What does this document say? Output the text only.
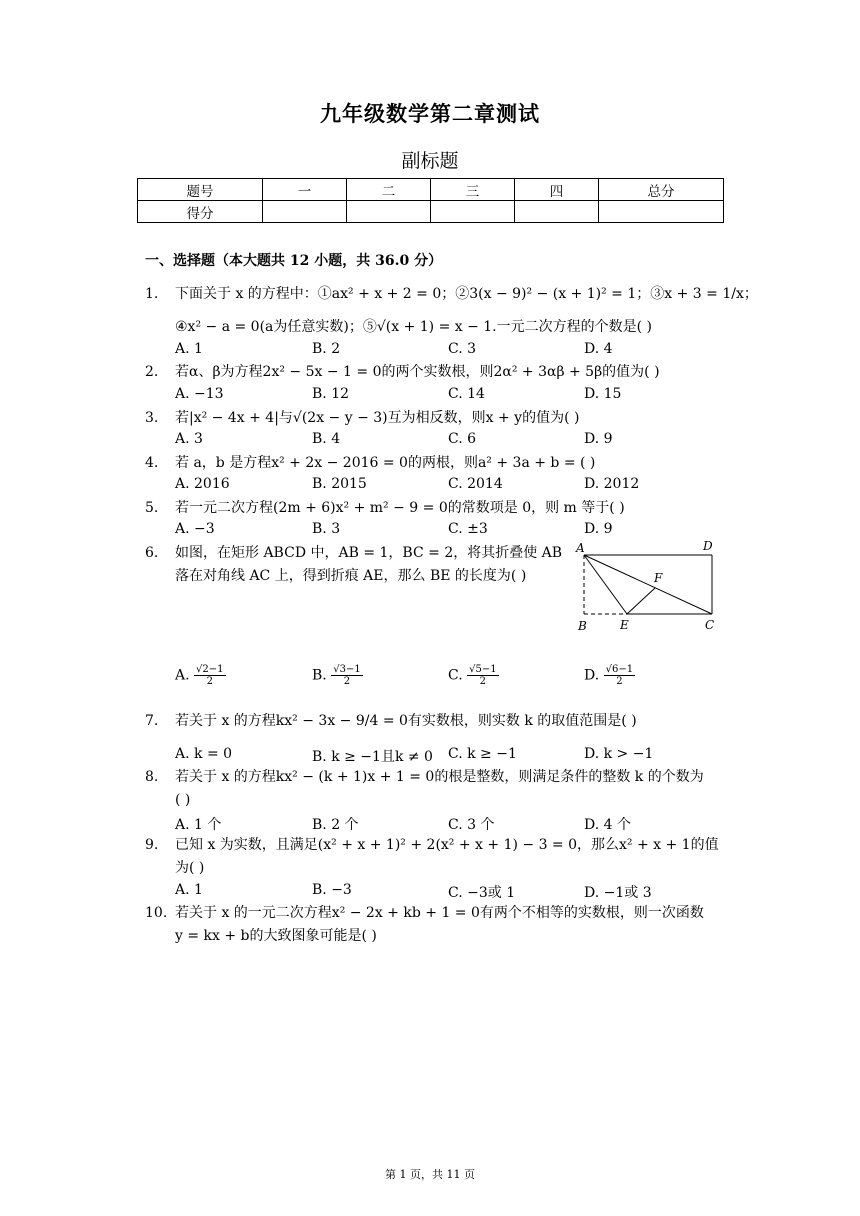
九年级数学第二章测试
副标题
题号	一	二	三	四	总分
得分					
一、选择题（本大题共 12 小题，共 36.0 分）
1. 下面关于 x 的方程中：①ax² + x + 2 = 0；②3(x − 9)² − (x + 1)² = 1；③x + 3 = 1/x；
④x² − a = 0(a为任意实数)；⑤√(x + 1) = x − 1.一元二次方程的个数是( )
A. 1	B. 2	C. 3	D. 4
2. 若α、β为方程2x² − 5x − 1 = 0的两个实数根，则2α² + 3αβ + 5β的值为( )
A. −13	B. 12	C. 14	D. 15
3. 若|x² − 4x + 4|与√(2x − y − 3)互为相反数，则x + y的值为( )
A. 3	B. 4	C. 6	D. 9
4. 若 a，b 是方程x² + 2x − 2016 = 0的两根，则a² + 3a + b = ( )
A. 2016	B. 2015	C. 2014	D. 2012
5. 若一元二次方程(2m + 6)x² + m² − 9 = 0的常数项是 0，则 m 等于( )
A. −3	B. 3	C. ±3	D. 9
6. 如图，在矩形 ABCD 中，AB = 1，BC = 2，将其折叠使 AB
落在对角线 AC 上，得到折痕 AE，那么 BE 的长度为( )
A	D
F
B	E	C
A. $\frac{√2-1}{2}$	B. $\frac{√3-1}{2}$	C. $\frac{√5-1}{2}$	D. $\frac{√6-1}{2}$
7. 若关于 x 的方程kx² − 3x − 9/4 = 0有实数根，则实数 k 的取值范围是( )
A. k = 0	B. k ≥ −1且k ≠ 0 C. k ≥ −1	D. k > −1
8. 若关于 x 的方程kx² − (k + 1)x + 1 = 0的根是整数，则满足条件的整数 k 的个数为
( )
A. 1 个	B. 2 个	C. 3 个	D. 4 个
9. 已知 x 为实数，且满足(x² + x + 1)² + 2(x² + x + 1) − 3 = 0，那么x² + x + 1的值
为( )
A. 1	B. −3	C. −3或 1	D. −1或 3
10. 若关于 x 的一元二次方程x² − 2x + kb + 1 = 0有两个不相等的实数根，则一次函数
y = kx + b的大致图象可能是( )
第 1 页，共 11 页
